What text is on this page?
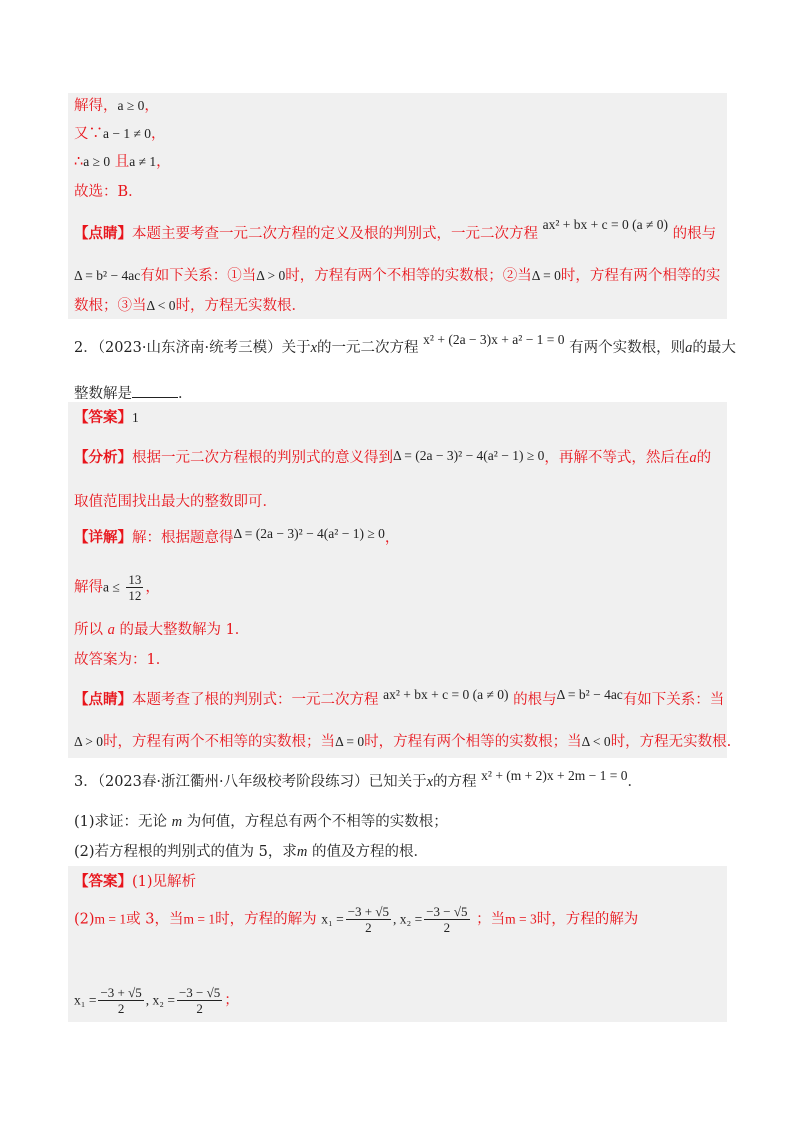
解得，a ≥ 0，
又∵a − 1 ≠ 0，
∴a ≥ 0 且a ≠ 1，
故选：B．
【点睛】本题主要考查一元二次方程的定义及根的判别式，一元二次方程 ax² + bx + c = 0 (a ≠ 0) 的根与
Δ = b² − 4ac有如下关系：①当Δ > 0时，方程有两个不相等的实数根；②当Δ = 0时，方程有两个相等的实
数根；③当Δ < 0时，方程无实数根．
2．（2023·山东济南·统考三模）关于x的一元二次方程 x² + (2a − 3)x + a² − 1 = 0 有两个实数根，则a的最大
整数解是	．
【答案】1
【分析】根据一元二次方程根的判别式的意义得到Δ = (2a − 3)² − 4(a² − 1) ≥ 0，再解不等式，然后在a的
取值范围找出最大的整数即可．
【详解】解：根据题意得Δ = (2a − 3)² − 4(a² − 1) ≥ 0，
解得$a \le \frac{13}{12}$ ，
所以 a 的最大整数解为 1．
故答案为：1．
【点睛】本题考查了根的判别式：一元二次方程 ax² + bx + c = 0 (a ≠ 0) 的根与Δ = b² − 4ac有如下关系：当
Δ > 0时，方程有两个不相等的实数根；当Δ = 0时，方程有两个相等的实数根；当Δ < 0时，方程无实数根.
3．（2023春·浙江衢州·八年级校考阶段练习）已知关于x的方程 x² + (m + 2)x + 2m − 1 = 0．
(1)求证：无论 m 为何值，方程总有两个不相等的实数根；
(2)若方程根的判别式的值为 5，求m 的值及方程的根．
【答案】(1)见解析
(2)m = 1或 3，当m = 1时，方程的解为 $x_1 = \frac{-3 + √5}{2}$ , $x_2 = \frac{-3 - √5}{2}$ ；当m = 3时，方程的解为
$x_1 = \frac{-3 + √5}{2}$ , $x_2 = \frac{-3 - √5}{2}$ ；
